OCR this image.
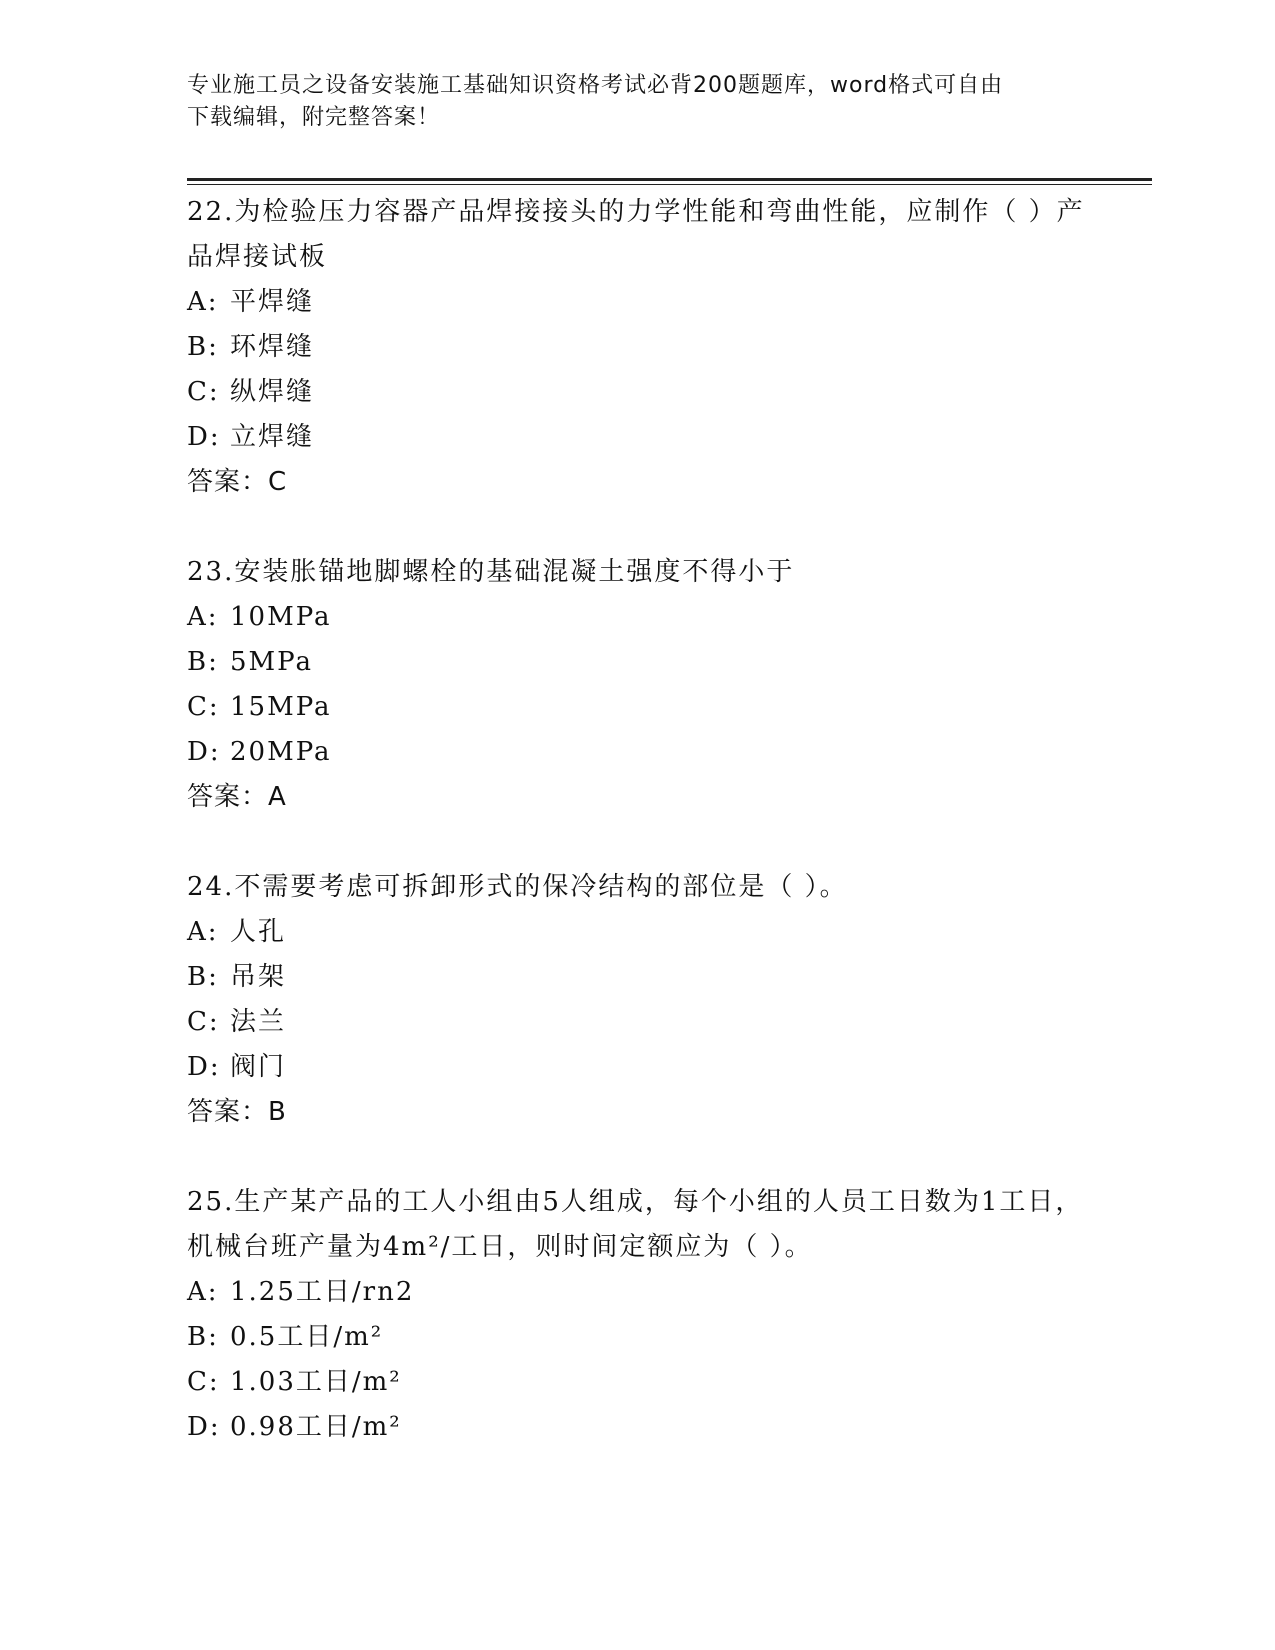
专业施工员之设备安装施工基础知识资格考试必背200题题库，word格式可自由
下载编辑，附完整答案！

22.为检验压力容器产品焊接接头的力学性能和弯曲性能，应制作（ ）产品焊接试板

A: 平焊缝
B: 环焊缝
C: 纵焊缝
D: 立焊缝
答案：C

23.安装胀锚地脚螺栓的基础混凝土强度不得小于

A: 10MPa
B: 5MPa
C: 15MPa
D: 20MPa
答案：A

24.不需要考虑可拆卸形式的保冷结构的部位是（ ）。

A: 人孔
B: 吊架
C: 法兰
D: 阀门
答案：B

25.生产某产品的工人小组由5人组成，每个小组的人员工日数为1工日，机械台班产量为4m²/工日，则时间定额应为（ ）。

A: 1.25工日/rn2
B: 0.5工日/m²
C: 1.03工日/m²
D: 0.98工日/m²
